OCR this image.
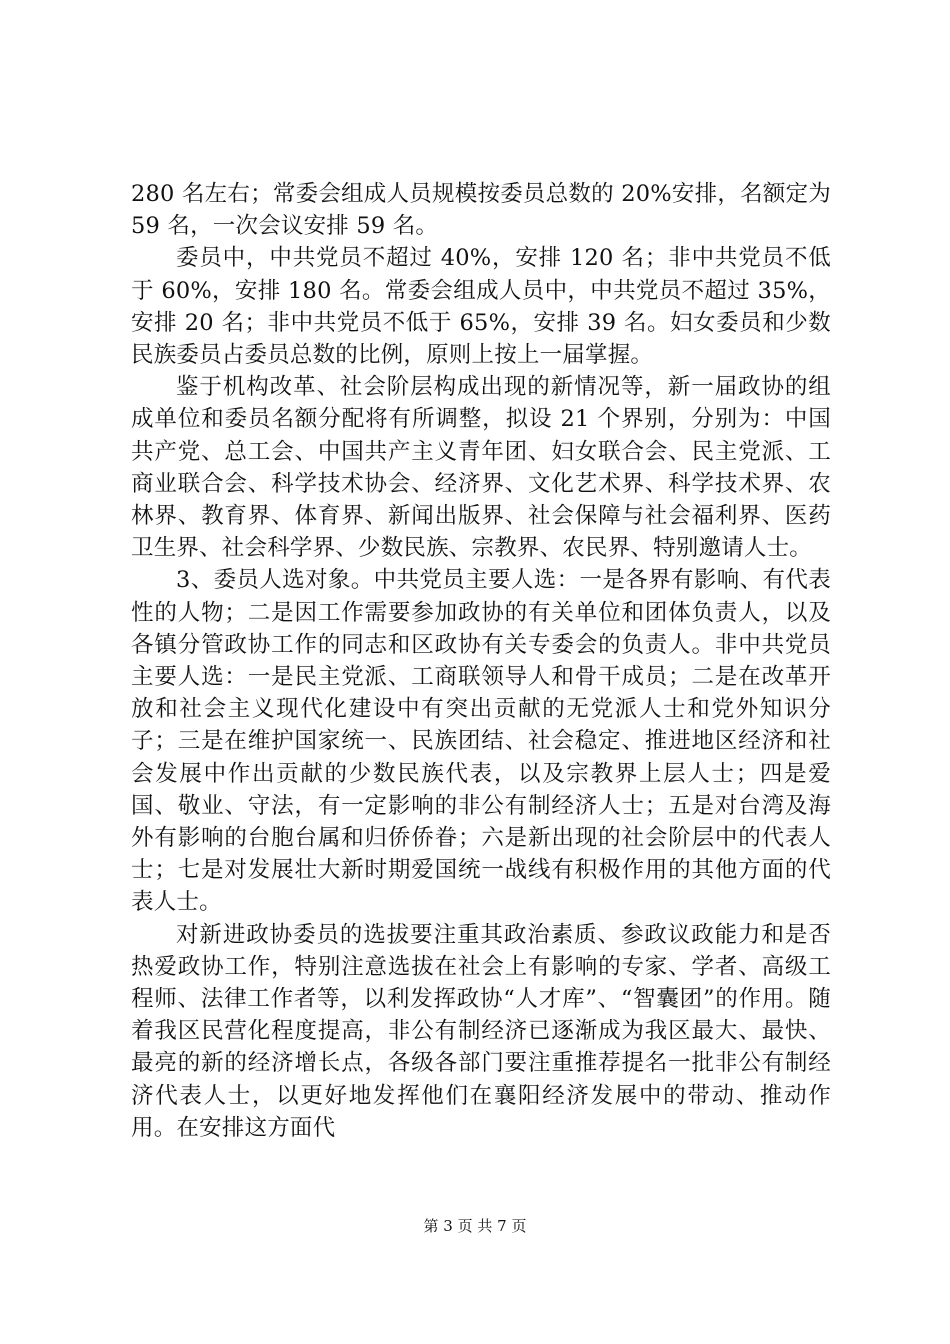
280 名左右；常委会组成人员规模按委员总数的 20%安排，名额定为 59 名，一次会议安排 59 名。

委员中，中共党员不超过 40%，安排 120 名；非中共党员不低于 60%，安排 180 名。常委会组成人员中，中共党员不超过 35%，安排 20 名；非中共党员不低于 65%，安排 39 名。妇女委员和少数民族委员占委员总数的比例，原则上按上一届掌握。

鉴于机构改革、社会阶层构成出现的新情况等，新一届政协的组成单位和委员名额分配将有所调整，拟设 21 个界别，分别为：中国共产党、总工会、中国共产主义青年团、妇女联合会、民主党派、工商业联合会、科学技术协会、经济界、文化艺术界、科学技术界、农林界、教育界、体育界、新闻出版界、社会保障与社会福利界、医药卫生界、社会科学界、少数民族、宗教界、农民界、特别邀请人士。

3、委员人选对象。中共党员主要人选：一是各界有影响、有代表性的人物；二是因工作需要参加政协的有关单位和团体负责人，以及各镇分管政协工作的同志和区政协有关专委会的负责人。非中共党员主要人选：一是民主党派、工商联领导人和骨干成员；二是在改革开放和社会主义现代化建设中有突出贡献的无党派人士和党外知识分子；三是在维护国家统一、民族团结、社会稳定、推进地区经济和社会发展中作出贡献的少数民族代表，以及宗教界上层人士；四是爱国、敬业、守法，有一定影响的非公有制经济人士；五是对台湾及海外有影响的台胞台属和归侨侨眷；六是新出现的社会阶层中的代表人士；七是对发展壮大新时期爱国统一战线有积极作用的其他方面的代表人士。

对新进政协委员的选拔要注重其政治素质、参政议政能力和是否热爱政协工作，特别注意选拔在社会上有影响的专家、学者、高级工程师、法律工作者等，以利发挥政协“人才库”、“智囊团”的作用。随着我区民营化程度提高，非公有制经济已逐渐成为我区最大、最快、最亮的新的经济增长点，各级各部门要注重推荐提名一批非公有制经济代表人士，以更好地发挥他们在襄阳经济发展中的带动、推动作用。在安排这方面代

第 3 页 共 7 页
